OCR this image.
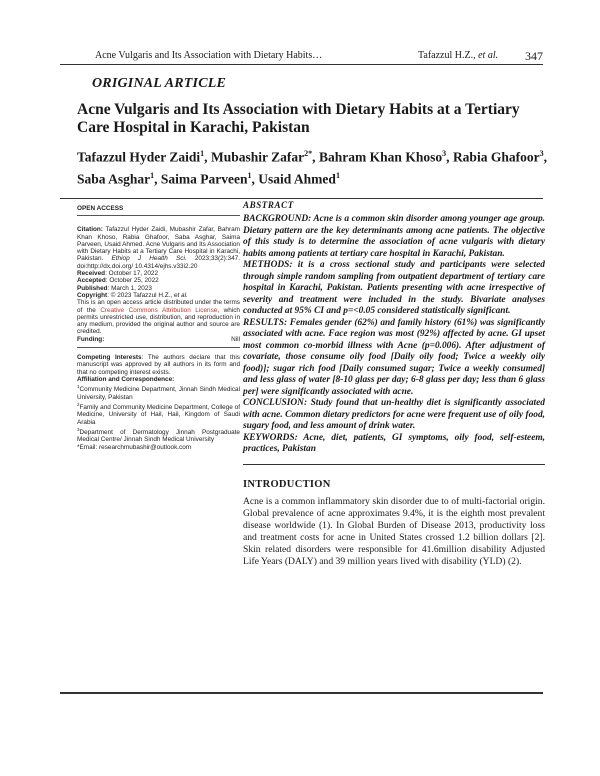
Acne Vulgaris and Its Association with Dietary Habits…	Tafazzul H.Z., et al. 347
ORIGINAL ARTICLE
Acne Vulgaris and Its Association with Dietary Habits at a Tertiary Care Hospital in Karachi, Pakistan
Tafazzul Hyder Zaidi$^1$, Mubashir Zafar$^{2*}$, Bahram Khan Khoso$^3$, Rabia Ghafoor$^3$, Saba Asghar$^1$, Saima Parveen$^1$, Usaid Ahmed$^1$

OPEN ACCESS

Citation: Tafazzul Hyder Zaidi, Mubashir Zafar, Bahram Khan Khoso, Rabia Ghafoor, Saba Asghar, Saima Parveen, Usaid Ahmed. Acne Vulgaris and Its Association with Dietary Habits at a Tertiary Care Hospital in Karachi, Pakistan. Ethiop J Health Sci. 2023;33(2):347. doi:http://dx.doi.org/ 10.4314/ejhs.v33i2.20

Received: October 17, 2022

Accepted: October 25, 2022

Published: March 1, 2023

Copyright: © 2023 Tafazzul H.Z., et al.

This is an open access article distributed under the terms of the Creative Commons Attribution License, which permits unrestricted use, distribution, and reproduction in any medium, provided the original author and source are credited.

Funding:	Nill

Competing Interests: The authors declare that this manuscript was approved by all authors in its form and that no competing interest exists.

Affiliation and Correspondence:

$^1$Community Medicine Department, Jinnah Sindh Medical University, Pakistan

$^2$Family and Community Medicine Department, College of Medicine, University of Hail, Hail, Kingdom of Saudi Arabia

$^3$Department of Dermatology Jinnah Postgraduate Medical Centre/ Jinnah Sindh Medical University

*Email: researchmubashir@outlook.com

ABSTRACT

BACKGROUND: Acne is a common skin disorder among younger age group. Dietary pattern are the key determinants among acne patients. The objective of this study is to determine the association of acne vulgaris with dietary habits among patients at tertiary care hospital in Karachi, Pakistan.

METHODS: it is a cross sectional study and participants were selected through simple random sampling from outpatient department of tertiary care hospital in Karachi, Pakistan. Patients presenting with acne irrespective of severity and treatment were included in the study. Bivariate analyses conducted at 95% CI and p=<0.05 considered statistically significant.

RESULTS: Females gender (62%) and family history (61%) was significantly associated with acne. Face region was most (92%) affected by acne. GI upset most common co-morbid illness with Acne (p=0.006). After adjustment of covariate, those consume oily food [Daily oily food; Twice a weekly oily food)]; sugar rich food [Daily consumed sugar; Twice a weekly consumed] and less glass of water [8-10 glass per day; 6-8 glass per day; less than 6 glass per] were significantly associated with acne.

CONCLUSION: Study found that un-healthy diet is significantly associated with acne. Common dietary predictors for acne were frequent use of oily food, sugary food, and less amount of drink water.

KEYWORDS: Acne, diet, patients, GI symptoms, oily food, self-esteem, practices, Pakistan

INTRODUCTION

Acne is a common inflammatory skin disorder due to of multi-factorial origin. Global prevalence of acne approximates 9.4%, it is the eighth most prevalent disease worldwide (1). In Global Burden of Disease 2013, productivity loss and treatment costs for acne in United States crossed 1.2 billion dollars [2]. Skin related disorders were responsible for 41.6million disability Adjusted Life Years (DALY) and 39 million years lived with disability (YLD) (2).
